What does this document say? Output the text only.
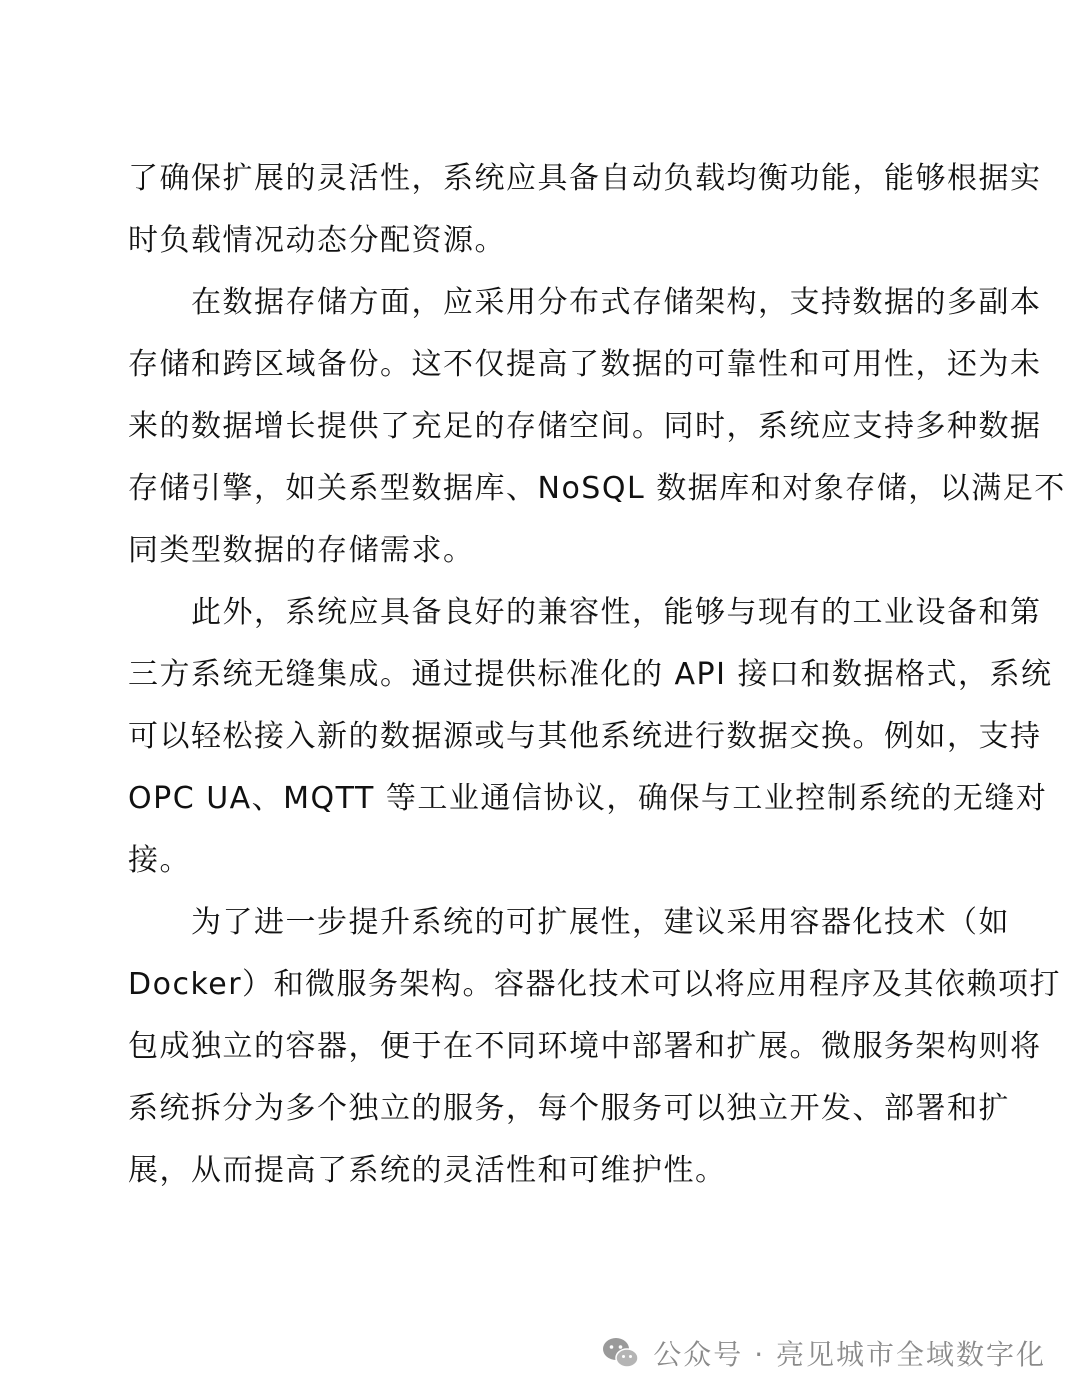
了确保扩展的灵活性，系统应具备自动负载均衡功能，能够根据实
时负载情况动态分配资源。
　　在数据存储方面，应采用分布式存储架构，支持数据的多副本
存储和跨区域备份。这不仅提高了数据的可靠性和可用性，还为未
来的数据增长提供了充足的存储空间。同时，系统应支持多种数据
存储引擎，如关系型数据库、NoSQL 数据库和对象存储，以满足不
同类型数据的存储需求。
　　此外，系统应具备良好的兼容性，能够与现有的工业设备和第
三方系统无缝集成。通过提供标准化的 API 接口和数据格式，系统
可以轻松接入新的数据源或与其他系统进行数据交换。例如，支持
OPC UA、MQTT 等工业通信协议，确保与工业控制系统的无缝对
接。
　　为了进一步提升系统的可扩展性，建议采用容器化技术（如
Docker）和微服务架构。容器化技术可以将应用程序及其依赖项打
包成独立的容器，便于在不同环境中部署和扩展。微服务架构则将
系统拆分为多个独立的服务，每个服务可以独立开发、部署和扩
展，从而提高了系统的灵活性和可维护性。
公众号 · 亮见城市全域数字化
